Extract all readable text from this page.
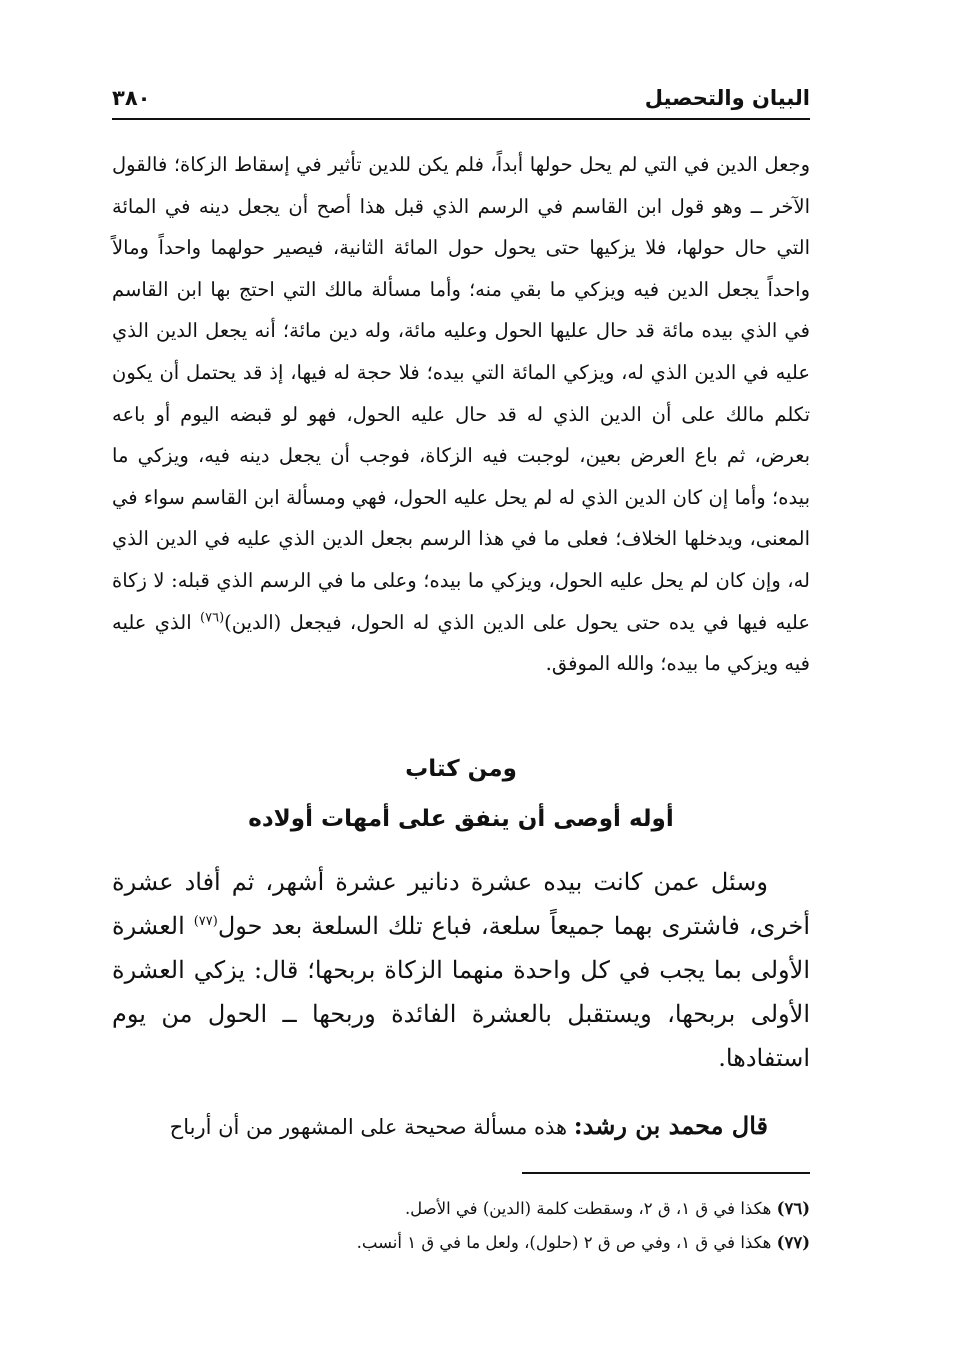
البيان والتحصيل
٣٨٠

وجعل الدين في التي لم يحل حولها أبداً، فلم يكن للدين تأثير في إسقاط الزكاة؛ فالقول الآخر ــ وهو قول ابن القاسم في الرسم الذي قبل هذا أصح أن يجعل دينه في المائة التي حال حولها، فلا يزكيها حتى يحول حول المائة الثانية، فيصير حولهما واحداً ومالاً واحداً يجعل الدين فيه ويزكي ما بقي منه؛ وأما مسألة مالك التي احتج بها ابن القاسم في الذي بيده مائة قد حال عليها الحول وعليه مائة، وله دين مائة؛ أنه يجعل الدين الذي عليه في الدين الذي له، ويزكي المائة التي بيده؛ فلا حجة له فيها، إذ قد يحتمل أن يكون تكلم مالك على أن الدين الذي له قد حال عليه الحول، فهو لو قبضه اليوم أو باعه بعرض، ثم باع العرض بعين، لوجبت فيه الزكاة، فوجب أن يجعل دينه فيه، ويزكي ما بيده؛ وأما إن كان الدين الذي له لم يحل عليه الحول، فهي ومسألة ابن القاسم سواء في المعنى، ويدخلها الخلاف؛ فعلى ما في هذا الرسم بجعل الدين الذي عليه في الدين الذي له، وإن كان لم يحل عليه الحول، ويزكي ما بيده؛ وعلى ما في الرسم الذي قبله: لا زكاة عليه فيها في يده حتى يحول على الدين الذي له الحول، فيجعل (الدين)$^{(٧٦)}$ الذي عليه فيه ويزكي ما بيده؛ والله الموفق.

ومن كتاب
أوله أوصى أن ينفق على أمهات أولاده

وسئل عمن كانت بيده عشرة دنانير عشرة أشهر، ثم أفاد عشرة أخرى، فاشترى بهما جميعاً سلعة، فباع تلك السلعة بعد حول$^{(٧٧)}$ العشرة الأولى بما يجب في كل واحدة منهما الزكاة بربحها؛ قال: يزكي العشرة الأولى بربحها، ويستقبل بالعشرة الفائدة وربحها ــ الحول من يوم استفادها.

قال محمد بن رشد: هذه مسألة صحيحة على المشهور من أن أرباح
(٧٦) هكذا في ق ١، ق ٢، وسقطت كلمة (الدين) في الأصل.
(٧٧) هكذا في ق ١، وفي ص ق ٢ (حلول)، ولعل ما في ق ١ أنسب.
